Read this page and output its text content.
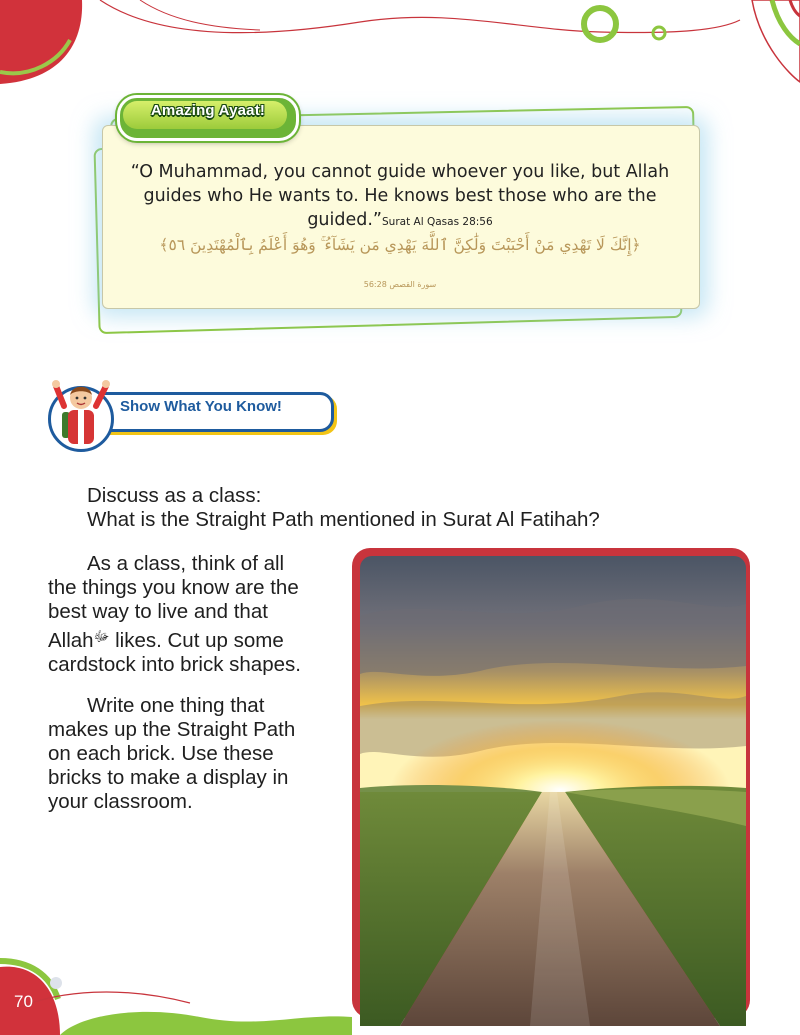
Amazing Ayaat!
“O Muhammad, you cannot guide whoever you like, but Allah guides who He wants to. He knows best those who are the guided.”Surat Al Qasas 28:56
﴿إِنَّكَ لَا تَهْدِي مَنْ أَحْبَبْتَ وَلَٰكِنَّ ٱللَّهَ يَهْدِي مَن يَشَآءُ ۚ وَهُوَ أَعْلَمُ بِٱلْمُهْتَدِينَ ٥٦﴾
سورة القصص 56:28
Show What You Know!

Discuss as a class:

What is the Straight Path mentioned in Surat Al Fatihah?

As a class, think of all

the things you know are the

best way to live and that

Allah$^ﷻ$ likes. Cut up some

cardstock into brick shapes.

Write one thing that

makes up the Straight Path

on each brick. Use these

bricks to make a display in

your classroom.

70
